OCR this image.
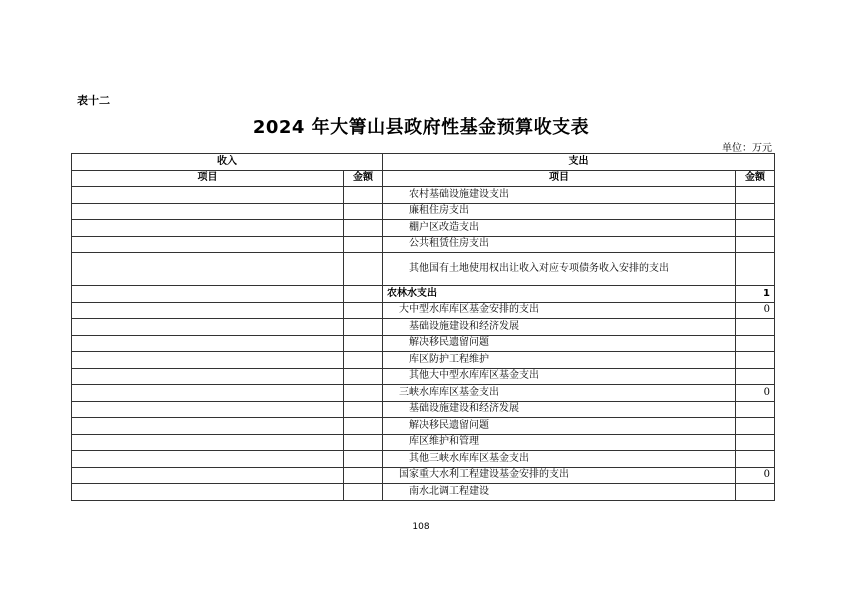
表十二
2024 年大箐山县政府性基金预算收支表
单位：万元
收入		支出	
项目	金额	项目	金额
		农村基础设施建设支出	
		廉租住房支出	
		棚户区改造支出	
		公共租赁住房支出	
		其他国有土地使用权出让收入对应专项债务收入安排的支出	
		农林水支出	1
		大中型水库库区基金安排的支出	0
		基础设施建设和经济发展	
		解决移民遗留问题	
		库区防护工程维护	
		其他大中型水库库区基金支出	
		三峡水库库区基金支出	0
		基础设施建设和经济发展	
		解决移民遗留问题	
		库区维护和管理	
		其他三峡水库库区基金支出	
		国家重大水利工程建设基金安排的支出	0
		南水北调工程建设	
108
